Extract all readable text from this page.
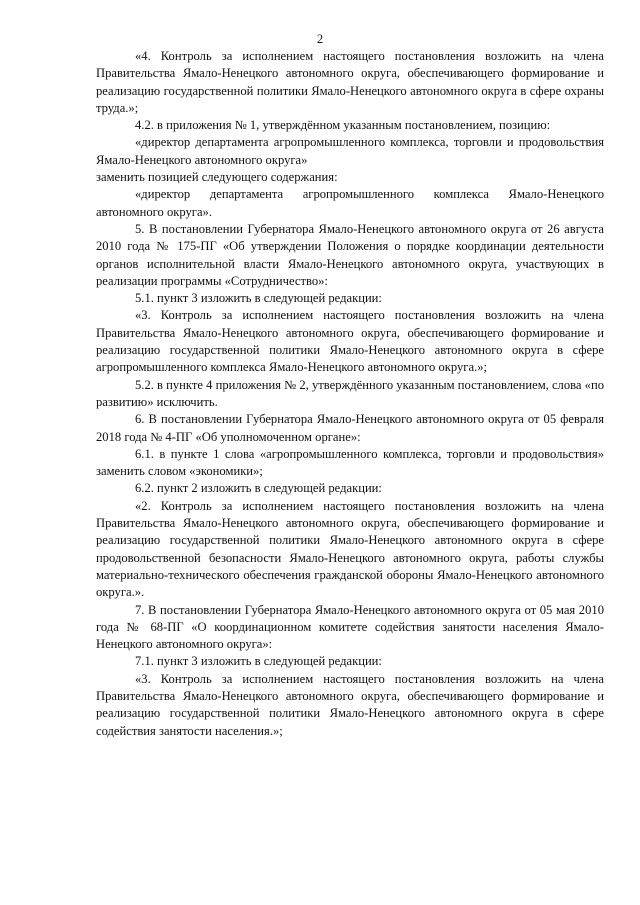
2

«4. Контроль за исполнением настоящего постановления возложить на члена Правительства Ямало-Ненецкого автономного округа, обеспечивающего формирование и реализацию государственной политики Ямало-Ненецкого автономного округа в сфере охраны труда.»;

4.2. в приложения № 1, утверждённом указанным постановлением, позицию:

«директор департамента агропромышленного комплекса, торговли и продовольствия Ямало-Ненецкого автономного округа»

заменить позицией следующего содержания:

«директор департамента агропромышленного комплекса Ямало-Ненецкого автономного округа».

5. В постановлении Губернатора Ямало-Ненецкого автономного округа от 26 августа 2010 года № 175-ПГ «Об утверждении Положения о порядке координации деятельности органов исполнительной власти Ямало-Ненецкого автономного округа, участвующих в реализации программы «Сотрудничество»:

5.1. пункт 3 изложить в следующей редакции:

«3. Контроль за исполнением настоящего постановления возложить на члена Правительства Ямало-Ненецкого автономного округа, обеспечивающего формирование и реализацию государственной политики Ямало-Ненецкого автономного округа в сфере агропромышленного комплекса Ямало-Ненецкого автономного округа.»;

5.2. в пункте 4 приложения № 2, утверждённого указанным постановлением, слова «по развитию» исключить.

6. В постановлении Губернатора Ямало-Ненецкого автономного округа от 05 февраля 2018 года № 4-ПГ «Об уполномоченном органе»:

6.1. в пункте 1 слова «агропромышленного комплекса, торговли и продовольствия» заменить словом «экономики»;

6.2. пункт 2 изложить в следующей редакции:

«2. Контроль за исполнением настоящего постановления возложить на члена Правительства Ямало-Ненецкого автономного округа, обеспечивающего формирование и реализацию государственной политики Ямало-Ненецкого автономного округа в сфере продовольственной безопасности Ямало-Ненецкого автономного округа, работы службы материально-технического обеспечения гражданской обороны Ямало-Ненецкого автономного округа.».

7. В постановлении Губернатора Ямало-Ненецкого автономного округа от 05 мая 2010 года № 68-ПГ «О координационном комитете содействия занятости населения Ямало-Ненецкого автономного округа»:

7.1. пункт 3 изложить в следующей редакции:

«3. Контроль за исполнением настоящего постановления возложить на члена Правительства Ямало-Ненецкого автономного округа, обеспечивающего формирование и реализацию государственной политики Ямало-Ненецкого автономного округа в сфере содействия занятости населения.»;
